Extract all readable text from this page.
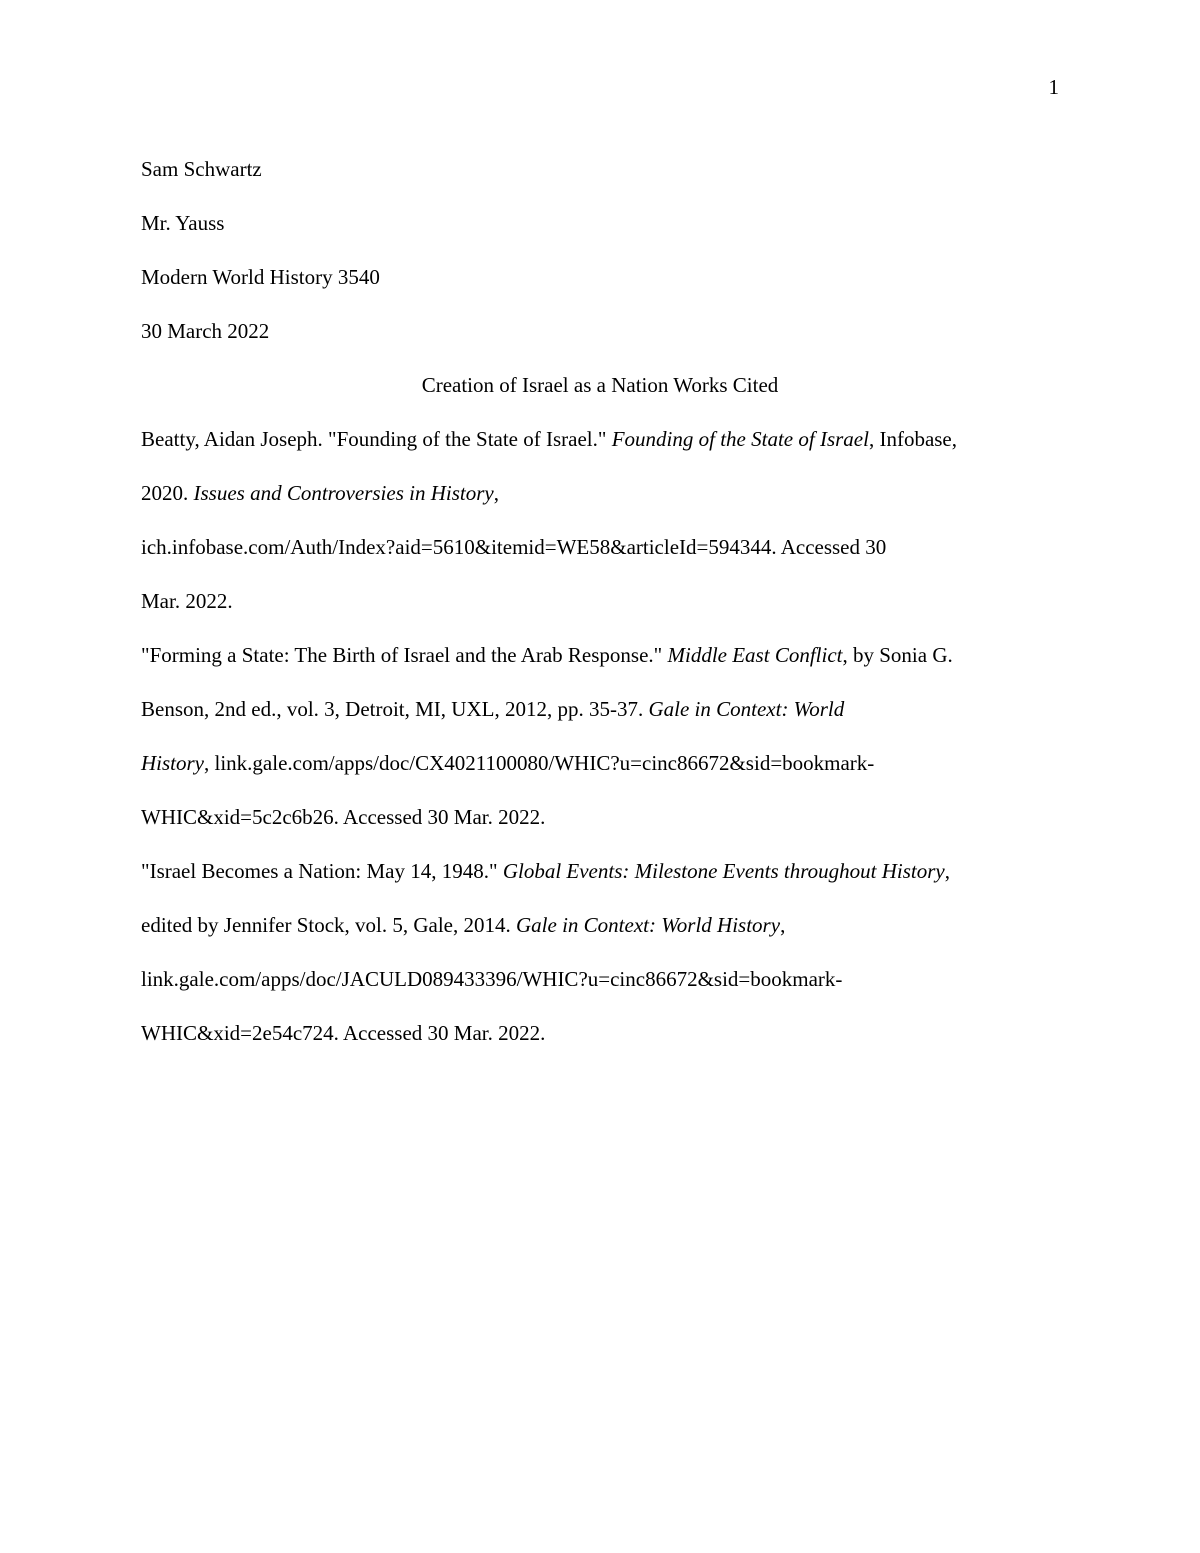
1

Sam Schwartz

Mr. Yauss

Modern World History 3540

30 March 2022

Creation of Israel as a Nation Works Cited

Beatty, Aidan Joseph. "Founding of the State of Israel." Founding of the State of Israel, Infobase,
2020. Issues and Controversies in History,
ich.infobase.com/Auth/Index?aid=5610&itemid=WE58&articleId=594344. Accessed 30
Mar. 2022.

"Forming a State: The Birth of Israel and the Arab Response." Middle East Conflict, by Sonia G.
Benson, 2nd ed., vol. 3, Detroit, MI, UXL, 2012, pp. 35-37. Gale in Context: World
History, link.gale.com/apps/doc/CX4021100080/WHIC?u=cinc86672&sid=bookmark-
WHIC&xid=5c2c6b26. Accessed 30 Mar. 2022.

"Israel Becomes a Nation: May 14, 1948." Global Events: Milestone Events throughout History,
edited by Jennifer Stock, vol. 5, Gale, 2014. Gale in Context: World History,
link.gale.com/apps/doc/JACULD089433396/WHIC?u=cinc86672&sid=bookmark-
WHIC&xid=2e54c724. Accessed 30 Mar. 2022.
